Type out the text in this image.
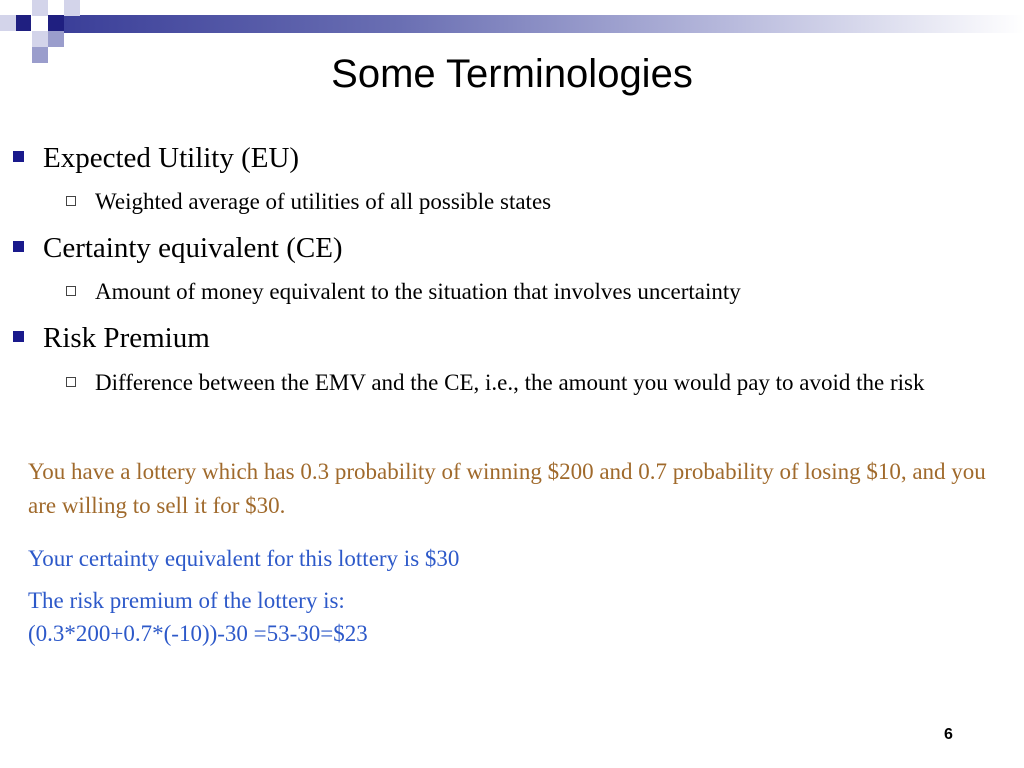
Some Terminologies
Expected Utility (EU)
Weighted average of utilities of all possible states
Certainty equivalent (CE)
Amount of money equivalent to the situation that involves uncertainty
Risk Premium
Difference between the EMV and the CE, i.e., the amount you would pay to avoid the risk
You have a lottery which has 0.3 probability of winning $200 and 0.7 probability of losing $10, and you are willing to sell it for $30.
Your certainty equivalent for this lottery is $30
The risk premium of the lottery is:
(0.3*200+0.7*(-10))-30 =53-30=$23
6
